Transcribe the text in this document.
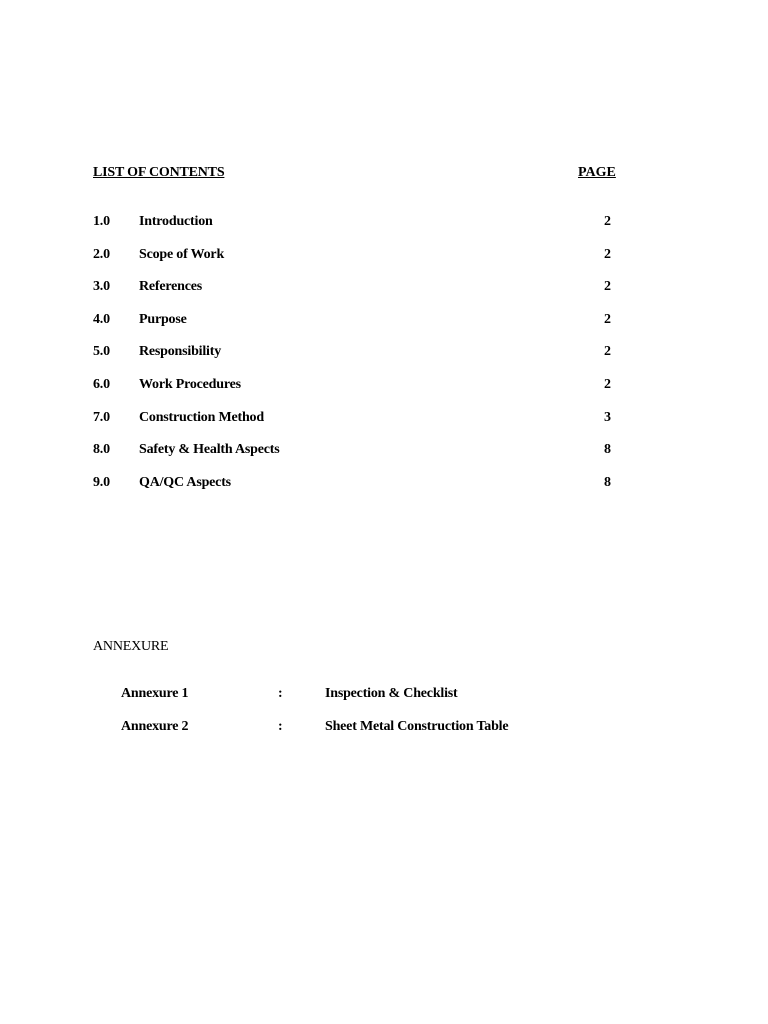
LIST OF CONTENTS	PAGE
1.0 Introduction	2
2.0 Scope of Work	2
3.0 References	2
4.0 Purpose	2
5.0 Responsibility	2
6.0 Work Procedures	2
7.0 Construction Method	3
8.0 Safety & Health Aspects	8
9.0 QA/QC Aspects	8
ANNEXURE
Annexure 1	:	Inspection & Checklist
Annexure 2	:	Sheet Metal Construction Table
